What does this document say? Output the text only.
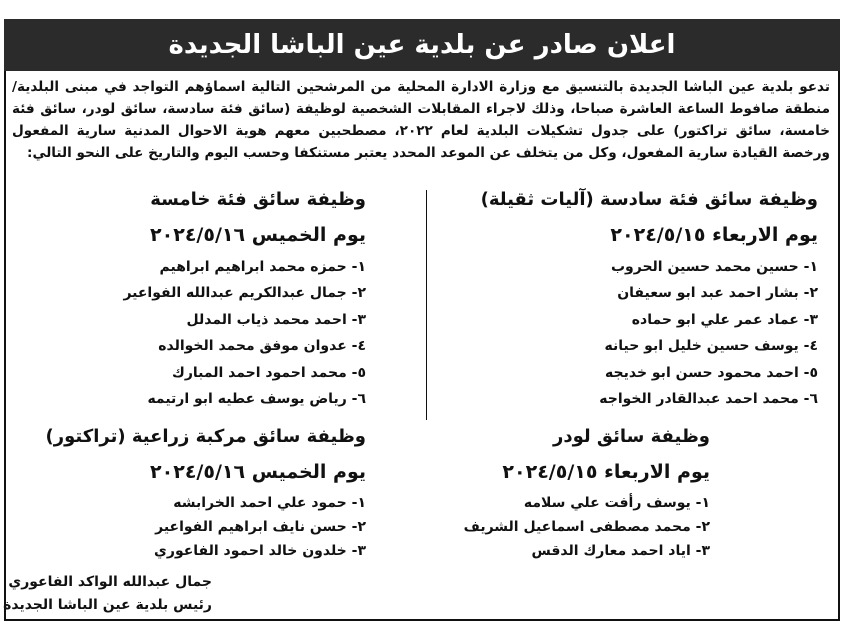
اعلان صادر عن بلدية عين الباشا الجديدة
تدعو بلدية عين الباشا الجديدة بالتنسيق مع وزارة الادارة المحلية من المرشحين التالية اسماؤهم التواجد في مبنى البلدية/ منطقة صافوط الساعة العاشرة صباحا، وذلك لاجراء المقابلات الشخصية لوظيفة (سائق فئة سادسة، سائق لودر، سائق فئة خامسة، سائق تراكتور) على جدول تشكيلات البلدية لعام ٢٠٢٢، مصطحبين معهم هوية الاحوال المدنية سارية المفعول ورخصة القيادة سارية المفعول، وكل من يتخلف عن الموعد المحدد يعتبر مستنكفا وحسب اليوم والتاريخ على النحو التالي:
وظيفة سائق فئة سادسة (آليات ثقيلة)
يوم الاربعاء ٢٠٢٤/٥/١٥
١- حسين محمد حسين الحروب
٢- بشار احمد عبد ابو سعيفان
٣- عماد عمر علي ابو حماده
٤- يوسف حسين خليل ابو حيانه
٥- احمد محمود حسن ابو خديجه
٦- محمد احمد عبدالقادر الخواجه
وظيفة سائق فئة خامسة
يوم الخميس ٢٠٢٤/٥/١٦
١- حمزه محمد ابراهيم ابراهيم
٢- جمال عبدالكريم عبدالله الفواعير
٣- احمد محمد ذياب المدلل
٤- عدوان موفق محمد الخوالده
٥- محمد احمود احمد المبارك
٦- رياض يوسف عطيه ابو ارتيمه
وظيفة سائق لودر
يوم الاربعاء ٢٠٢٤/٥/١٥
١- يوسف رأفت علي سلامه
٢- محمد مصطفى اسماعيل الشريف
٣- اياد احمد معارك الدقس
وظيفة سائق مركبة زراعية (تراكتور)
يوم الخميس ٢٠٢٤/٥/١٦
١- حمود علي احمد الخرابشه
٢- حسن نايف ابراهيم الفواعير
٣- خلدون خالد احمود الفاعوري
جمال عبدالله الواكد الفاعوري
رئيس بلدية عين الباشا الجديدة
